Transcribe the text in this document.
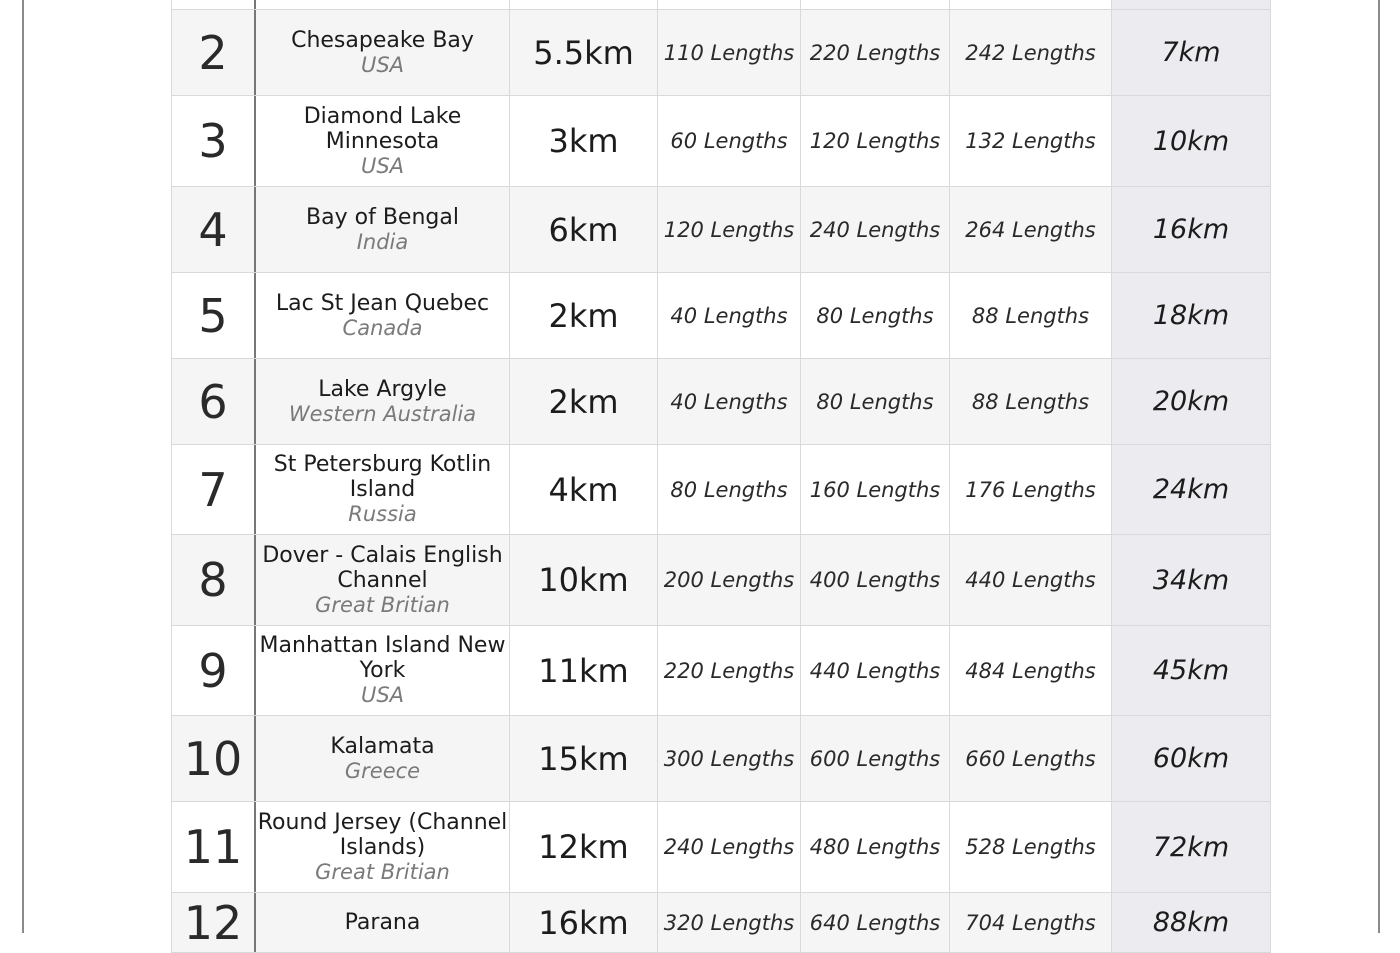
2	Chesapeake Bay
USA	5.5km 110 Lengths 220 Lengths 242 Lengths 7km
3	Diamond Lake Minnesota
USA
3km 60 Lengths 120 Lengths 132 Lengths 10km
4	Bay of Bengal
India	6km 120 Lengths 240 Lengths 264 Lengths 16km
5 Lac St Jean Quebec
Canada	2km 40 Lengths 80 Lengths 88 Lengths 18km
6	Lake Argyle
Western Australia 2km 40 Lengths 80 Lengths 88 Lengths 20km
7	St Petersburg Kotlin Island
Russia
4km 80 Lengths 160 Lengths 176 Lengths 24km
8 Dover - Calais English Channel
Great Britian
10km 200 Lengths 400 Lengths 440 Lengths 34km
9 Manhattan Island New York
USA
11km 220 Lengths 440 Lengths 484 Lengths 45km
10	Kalamata
Greece	15km 300 Lengths 600 Lengths 660 Lengths 60km
11 Round Jersey (Channel Islands)
Great Britian
12km 240 Lengths 480 Lengths 528 Lengths 72km
12	Parana	16km 320 Lengths 640 Lengths 704 Lengths 88km
